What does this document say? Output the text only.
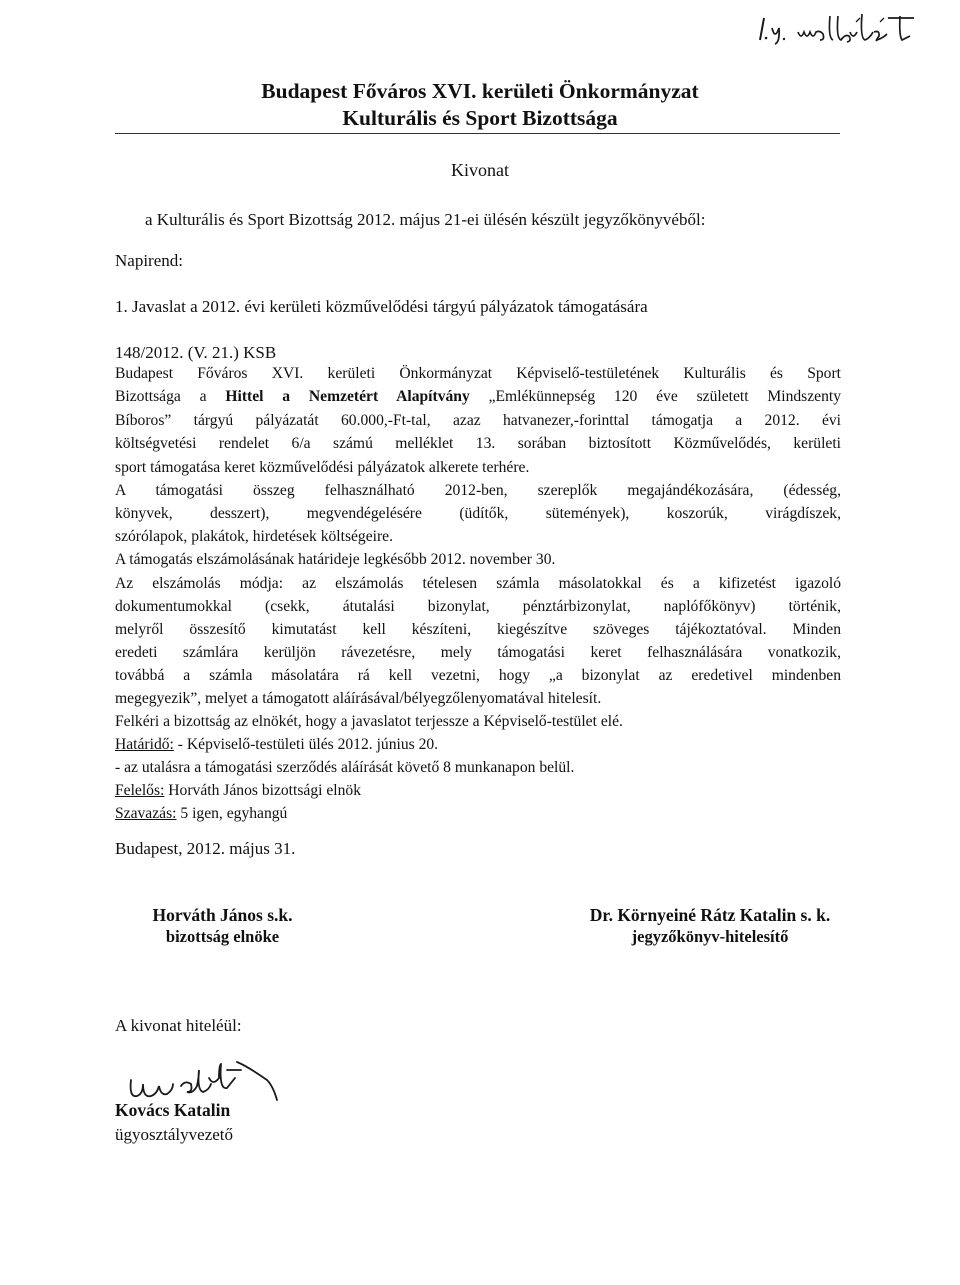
Budapest Főváros XVI. kerületi Önkormányzat
Kulturális és Sport Bizottsága
Kivonat
a Kulturális és Sport Bizottság 2012. május 21-ei ülésén készült jegyzőkönyvéből:
Napirend:
1. Javaslat a 2012. évi kerületi közművelődési tárgyú pályázatok támogatására
148/2012. (V. 21.) KSB
Budapest Főváros XVI. kerületi Önkormányzat Képviselő-testületének Kulturális és Sport
Bizottsága a Hittel a Nemzetért Alapítvány „Emlékünnepség 120 éve született Mindszenty
Bíboros” tárgyú pályázatát 60.000,-Ft-tal, azaz hatvanezer,-forinttal támogatja a 2012. évi
költségvetési rendelet 6/a számú melléklet 13. sorában biztosított Közművelődés, kerületi
sport támogatása keret közművelődési pályázatok alkerete terhére.
A támogatási összeg felhasználható 2012-ben, szereplők megajándékozására, (édesség,
könyvek, desszert), megvendégelésére (üdítők, sütemények), koszorúk, virágdíszek,
szórólapok, plakátok, hirdetések költségeire.
A támogatás elszámolásának határideje legkésőbb 2012. november 30.
Az elszámolás módja: az elszámolás tételesen számla másolatokkal és a kifizetést igazoló
dokumentumokkal (csekk, átutalási bizonylat, pénztárbizonylat, naplófőkönyv) történik,
melyről összesítő kimutatást kell készíteni, kiegészítve szöveges tájékoztatóval. Minden
eredeti számlára kerüljön rávezetésre, mely támogatási keret felhasználására vonatkozik,
továbbá a számla másolatára rá kell vezetni, hogy „a bizonylat az eredetivel mindenben
megegyezik”, melyet a támogatott aláírásával/bélyegzőlenyomatával hitelesít.
Felkéri a bizottság az elnökét, hogy a javaslatot terjessze a Képviselő-testület elé.
Határidő: - Képviselő-testületi ülés 2012. június 20.
- az utalásra a támogatási szerződés aláírását követő 8 munkanapon belül.
Felelős: Horváth János bizottsági elnök
Szavazás: 5 igen, egyhangú
Budapest, 2012. május 31.
Horváth János s.k.
bizottság elnöke
Dr. Környeiné Rátz Katalin s. k.
jegyzőkönyv-hitelesítő
A kivonat hiteléül:
Kovács Katalin
ügyosztályvezető
